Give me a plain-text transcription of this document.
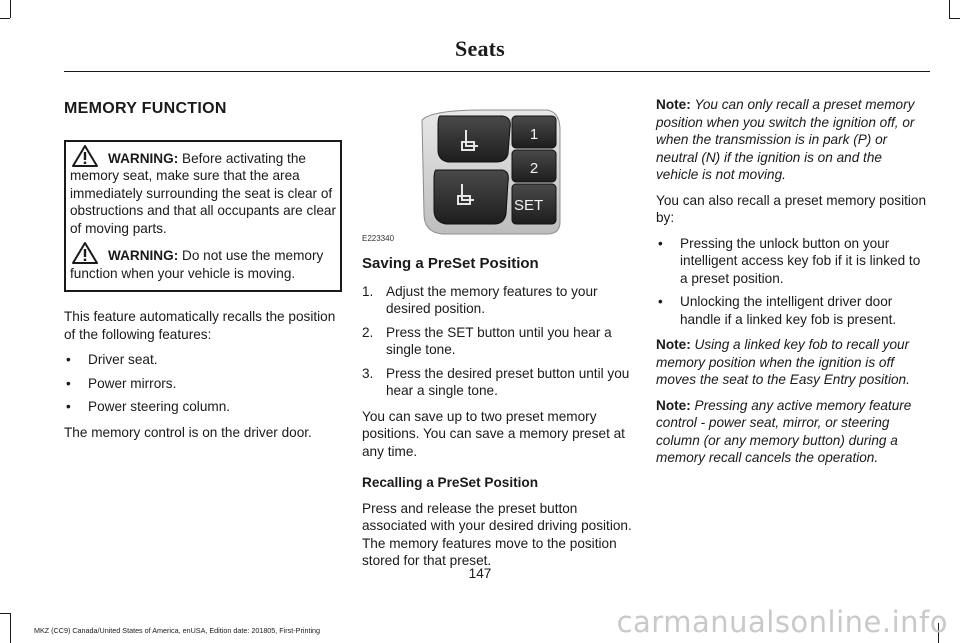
Seats
MEMORY FUNCTION
WARNING: Before activating the memory seat, make sure that the area immediately surrounding the seat is clear of obstructions and that all occupants are clear of moving parts.
WARNING: Do not use the memory function when your vehicle is moving.

This feature automatically recalls the position of the following features:

• Driver seat.
• Power mirrors.
• Power steering column.

The memory control is on the driver door.

1
2
SET
E223340
Saving a PreSet Position
1. Adjust the memory features to your desired position.
2. Press the SET button until you hear a single tone.
3. Press the desired preset button until you hear a single tone.

You can save up to two preset memory positions. You can save a memory preset at any time.

Recalling a PreSet Position

Press and release the preset button associated with your desired driving position. The memory features move to the position stored for that preset.

Note: You can only recall a preset memory position when you switch the ignition off, or when the transmission is in park (P) or neutral (N) if the ignition is on and the vehicle is not moving.

You can also recall a preset memory position by:

• Pressing the unlock button on your intelligent access key fob if it is linked to a preset position.
• Unlocking the intelligent driver door handle if a linked key fob is present.

Note: Using a linked key fob to recall your memory position when the ignition is off moves the seat to the Easy Entry position.

Note: Pressing any active memory feature control - power seat, mirror, or steering column (or any memory button) during a memory recall cancels the operation.

147
MKZ (CC9) Canada/United States of America, enUSA, Edition date: 201805, First-Printing	carmanualsonline.info
